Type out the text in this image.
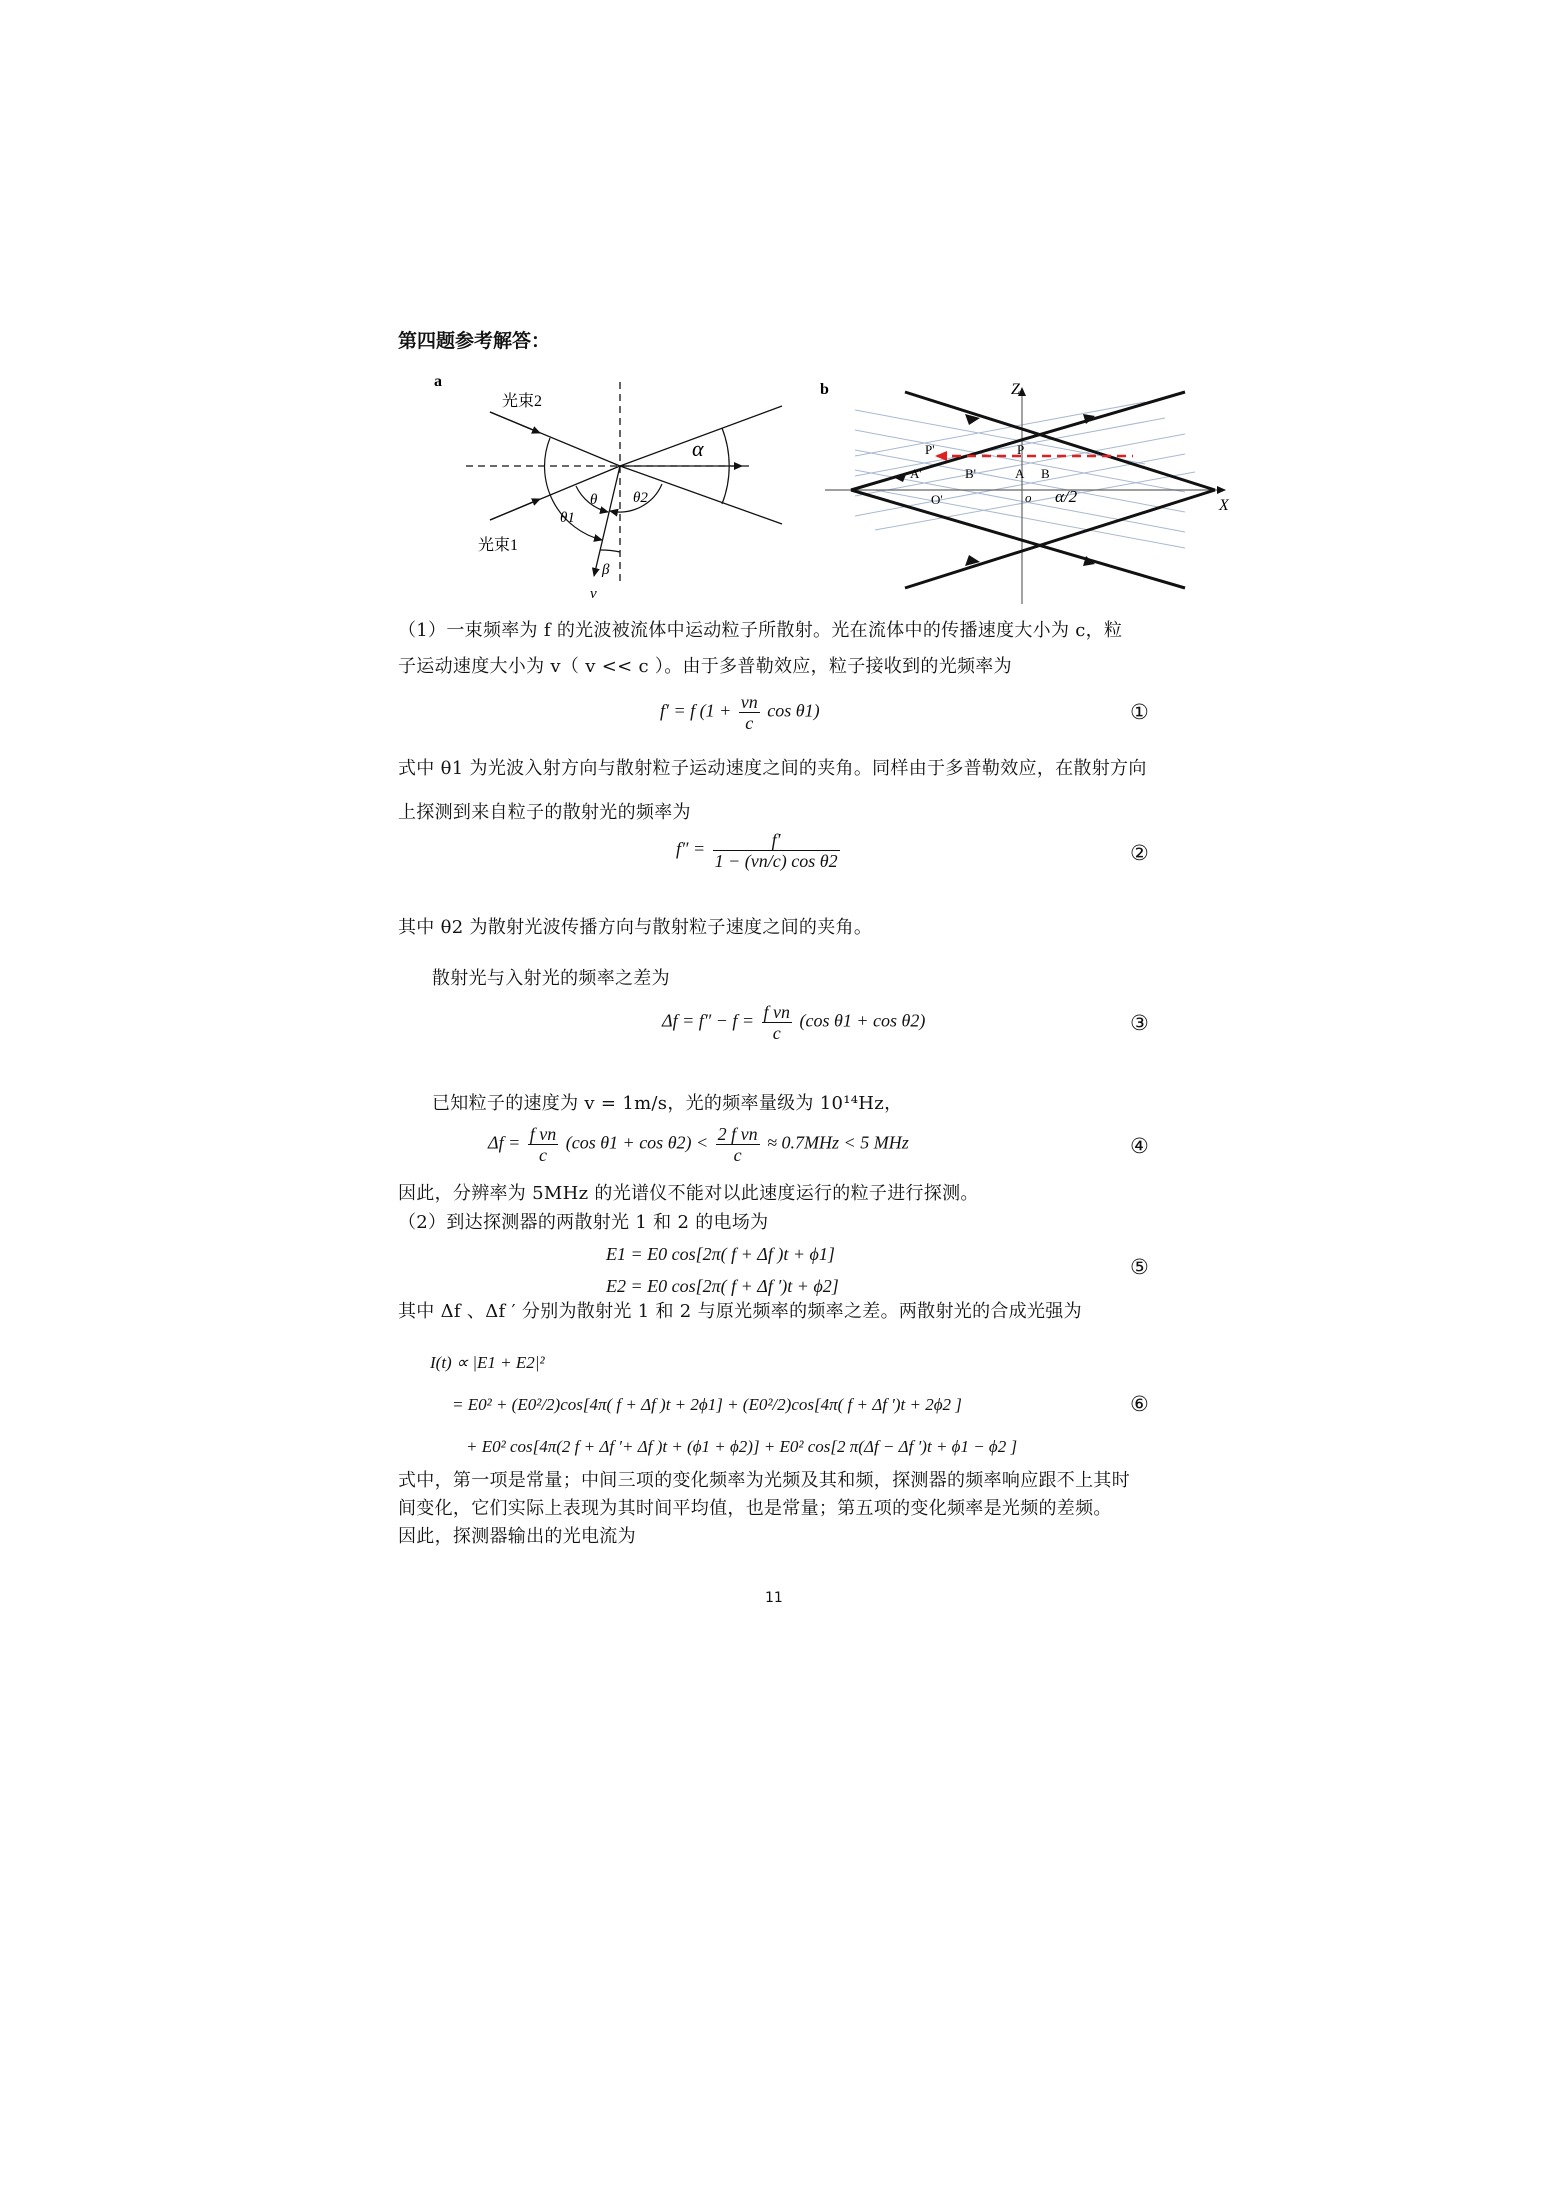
第四题参考解答：
a
光束2
光束1
α
θ
θ1
θ2
β
v
b	Z
X
P'	P
A'	B'	A B
O'	o α/2
（1）一束频率为 f 的光波被流体中运动粒子所散射。光在流体中的传播速度大小为 c，粒
子运动速度大小为 v（ v << c ）。由于多普勒效应，粒子接收到的光频率为
f′ = f ($1 + \frac{vn}{c}$ cos θ1)	①
式中 θ1 为光波入射方向与散射粒子运动速度之间的夹角。同样由于多普勒效应，在散射方向
上探测到来自粒子的散射光的频率为
$f'' = \frac{f'}{\text{1 − (vn/c) cos θ2}}$	②
其中 θ2 为散射光波传播方向与散射粒子速度之间的夹角。
散射光与入射光的频率之差为
$\Delta f = f'' - f = \frac{\text{f vn}}{c} (\cos$ θ1 + cos θ2)	③
已知粒子的速度为 v = 1m/s，光的频率量级为 10¹⁴Hz，
$\Delta f = \frac{\text{f vn}}{c} (\cos$ $\theta 1 + \cos \theta 2) < \frac{\text{2 f vn}}{c} \approx 0.7MHz < 5$ MHz	④
因此，分辨率为 5MHz 的光谱仪不能对以此速度运行的粒子进行探测。
（2）到达探测器的两散射光 1 和 2 的电场为
E1 = E0 cos[2π( f + Δf )t + ϕ1]
E2 = E0 cos[2π( f + Δf ′)t + ϕ2]
⑤
其中 Δf 、Δf ′ 分别为散射光 1 和 2 与原光频率的频率之差。两散射光的合成光强为
I(t) ∝ |E1 + E2|²
= E0² + (E0²/2)cos[4π( f + Δf )t + 2ϕ1] + (E0²/2)cos[4π( f + Δf ′)t + 2ϕ2 ]
+ E0² cos[4π(2 f + Δf ′+ Δf )t + (ϕ1 + ϕ2)] + E0² cos[2 π(Δf − Δf ′)t + ϕ1 − ϕ2 ]
⑥
式中，第一项是常量；中间三项的变化频率为光频及其和频，探测器的频率响应跟不上其时
间变化，它们实际上表现为其时间平均值，也是常量；第五项的变化频率是光频的差频。
因此，探测器输出的光电流为
11
